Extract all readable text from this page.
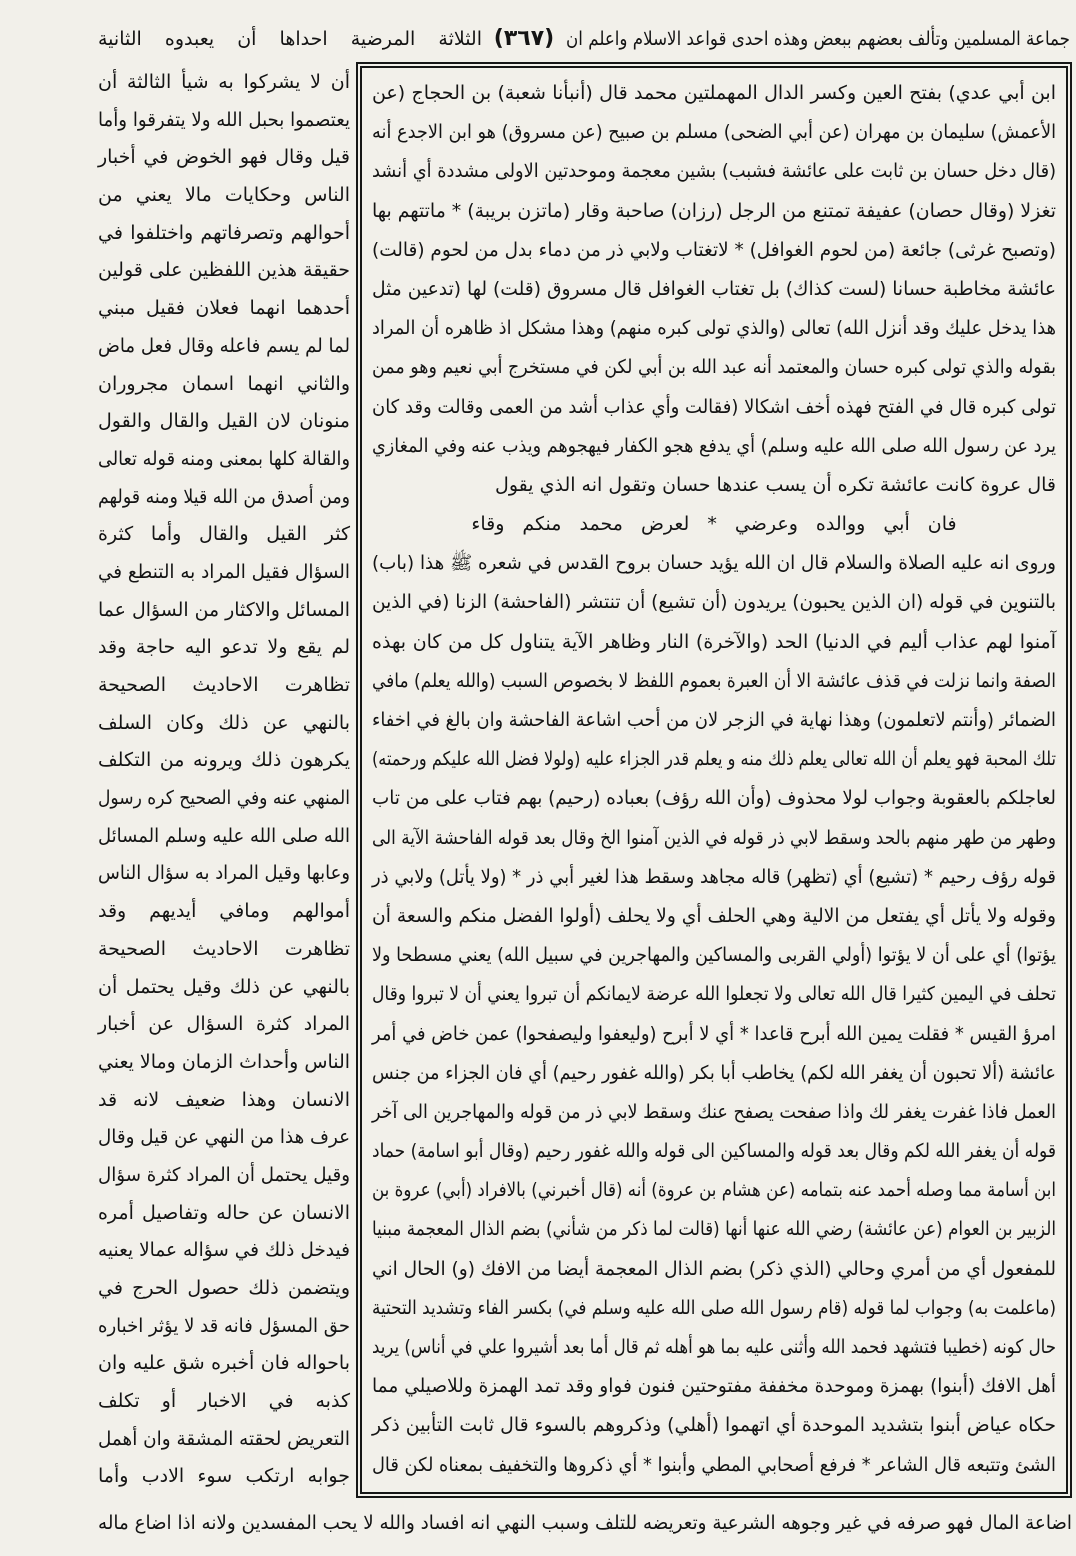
جماعة المسلمين وتألف بعضهم ببعض وهذه احدى قواعد الاسلام واعلم ان
(٣٦٧)
الثلاثة المرضية احداها أن يعبدوه الثانية
أن لا يشركوا به شيأ الثالثة أن
يعتصموا بحبل الله ولا يتفرقوا وأما
قيل وقال فهو الخوض في أخبار
الناس وحكايات مالا يعني من
أحوالهم وتصرفاتهم واختلفوا في
حقيقة هذين اللفظين على قولين
أحدهما انهما فعلان فقيل مبني
لما لم يسم فاعله وقال فعل ماض
والثاني انهما اسمان مجروران
منونان لان القيل والقال والقول
والقالة كلها بمعنى ومنه قوله تعالى
ومن أصدق من الله قيلا ومنه قولهم
كثر القيل والقال وأما كثرة
السؤال فقيل المراد به التنطع في
المسائل والاكثار من السؤال عما
لم يقع ولا تدعو اليه حاجة وقد
تظاهرت الاحاديث الصحيحة
بالنهي عن ذلك وكان السلف
يكرهون ذلك ويرونه من التكلف
المنهي عنه وفي الصحيح كره رسول
الله صلى الله عليه وسلم المسائل
وعابها وقيل المراد به سؤال الناس
أموالهم ومافي أيديهم وقد
تظاهرت الاحاديث الصحيحة
بالنهي عن ذلك وقيل يحتمل أن
المراد كثرة السؤال عن أخبار
الناس وأحداث الزمان ومالا يعني
الانسان وهذا ضعيف لانه قد
عرف هذا من النهي عن قيل وقال
وقيل يحتمل أن المراد كثرة سؤال
الانسان عن حاله وتفاصيل أمره
فيدخل ذلك في سؤاله عمالا يعنيه
ويتضمن ذلك حصول الحرج في
حق المسؤل فانه قد لا يؤثر اخباره
باحواله فان أخبره شق عليه وان
كذبه في الاخبار أو تكلف
التعريض لحقته المشقة وان أهمل
جوابه ارتكب سوء الادب وأما
ابن أبي عدي) بفتح العين وكسر الدال المهملتين محمد قال (أنبأنا شعبة) بن الحجاج (عن
الأعمش) سليمان بن مهران (عن أبي الضحى) مسلم بن صبيح (عن مسروق) هو ابن الاجدع أنه
(قال دخل حسان بن ثابت على عائشة فشبب) بشين معجمة وموحدتين الاولى مشددة أي أنشد
تغزلا (وقال حصان) عفيفة تمتنع من الرجل (رزان) صاحبة وقار (ماتزن بريبة) * ماتتهم بها
(وتصبح غرثى) جائعة (من لحوم الغوافل) * لاتغتاب ولابي ذر من دماء بدل من لحوم (قالت)
عائشة مخاطبة حسانا (لست كذاك) بل تغتاب الغوافل قال مسروق (قلت) لها (تدعين مثل
هذا يدخل عليك وقد أنزل الله) تعالى (والذي تولى كبره منهم) وهذا مشكل اذ ظاهره أن المراد
بقوله والذي تولى كبره حسان والمعتمد أنه عبد الله بن أبي لكن في مستخرج أبي نعيم وهو ممن
تولى كبره قال في الفتح فهذه أخف اشكالا (فقالت وأي عذاب أشد من العمى وقالت وقد كان
يرد عن رسول الله صلى الله عليه وسلم) أي يدفع هجو الكفار فيهجوهم ويذب عنه وفي المغازي
قال عروة كانت عائشة تكره أن يسب عندها حسان وتقول انه الذي يقول
فان أبي ووالده وعرضي * لعرض محمد منكم وقاء
وروى انه عليه الصلاة والسلام قال ان الله يؤيد حسان بروح القدس في شعره ﷺ هذا (باب)
بالتنوين في قوله (ان الذين يحبون) يريدون (أن تشيع) أن تنتشر (الفاحشة) الزنا (في الذين
آمنوا لهم عذاب أليم في الدنيا) الحد (والآخرة) النار وظاهر الآية يتناول كل من كان بهذه
الصفة وانما نزلت في قذف عائشة الا أن العبرة بعموم اللفظ لا بخصوص السبب (والله يعلم) مافي
الضمائر (وأنتم لاتعلمون) وهذا نهاية في الزجر لان من أحب اشاعة الفاحشة وان بالغ في اخفاء
تلك المحبة فهو يعلم أن الله تعالى يعلم ذلك منه و يعلم قدر الجزاء عليه (ولولا فضل الله عليكم ورحمته)
لعاجلكم بالعقوبة وجواب لولا محذوف (وأن الله رؤف) بعباده (رحيم) بهم فتاب على من تاب
وطهر من طهر منهم بالحد وسقط لابي ذر قوله في الذين آمنوا الخ وقال بعد قوله الفاحشة الآية الى
قوله رؤف رحيم * (تشيع) أي (تظهر) قاله مجاهد وسقط هذا لغير أبي ذر * (ولا يأتل) ولابي ذر
وقوله ولا يأتل أي يفتعل من الالية وهي الحلف أي ولا يحلف (أولوا الفضل منكم والسعة أن
يؤتوا) أي على أن لا يؤتوا (أولي القربى والمساكين والمهاجرين في سبيل الله) يعني مسطحا ولا
تحلف في اليمين كثيرا قال الله تعالى ولا تجعلوا الله عرضة لايمانكم أن تبروا يعني أن لا تبروا وقال
امرؤ القيس * فقلت يمين الله أبرح قاعدا * أي لا أبرح (وليعفوا وليصفحوا) عمن خاض في أمر
عائشة (ألا تحبون أن يغفر الله لكم) يخاطب أبا بكر (والله غفور رحيم) أي فان الجزاء من جنس
العمل فاذا غفرت يغفر لك واذا صفحت يصفح عنك وسقط لابي ذر من قوله والمهاجرين الى آخر
قوله أن يغفر الله لكم وقال بعد قوله والمساكين الى قوله والله غفور رحيم (وقال أبو اسامة) حماد
ابن أسامة مما وصله أحمد عنه بتمامه (عن هشام بن عروة) أنه (قال أخبرني) بالافراد (أبي) عروة بن
الزبير بن العوام (عن عائشة) رضي الله عنها أنها (قالت لما ذكر من شأني) بضم الذال المعجمة مبنيا
للمفعول أي من أمري وحالي (الذي ذكر) بضم الذال المعجمة أيضا من الافك (و) الحال اني
(ماعلمت به) وجواب لما قوله (قام رسول الله صلى الله عليه وسلم في) بكسر الفاء وتشديد التحتية
حال كونه (خطيبا فتشهد فحمد الله وأثنى عليه بما هو أهله ثم قال أما بعد أشيروا علي في أناس) يريد
أهل الافك (أبنوا) بهمزة وموحدة مخففة مفتوحتين فنون فواو وقد تمد الهمزة وللاصيلي مما
حكاه عياض أبنوا بتشديد الموحدة أي اتهموا (أهلي) وذكروهم بالسوء قال ثابت التأبين ذكر
الشئ وتتبعه قال الشاعر * فرفع أصحابي المطي وأبنوا * أي ذكروها والتخفيف بمعناه لكن قال
اضاعة المال فهو صرفه في غير وجوهه الشرعية وتعريضه للتلف وسبب النهي انه افساد والله لا يحب المفسدين ولانه اذا اضاع ماله
